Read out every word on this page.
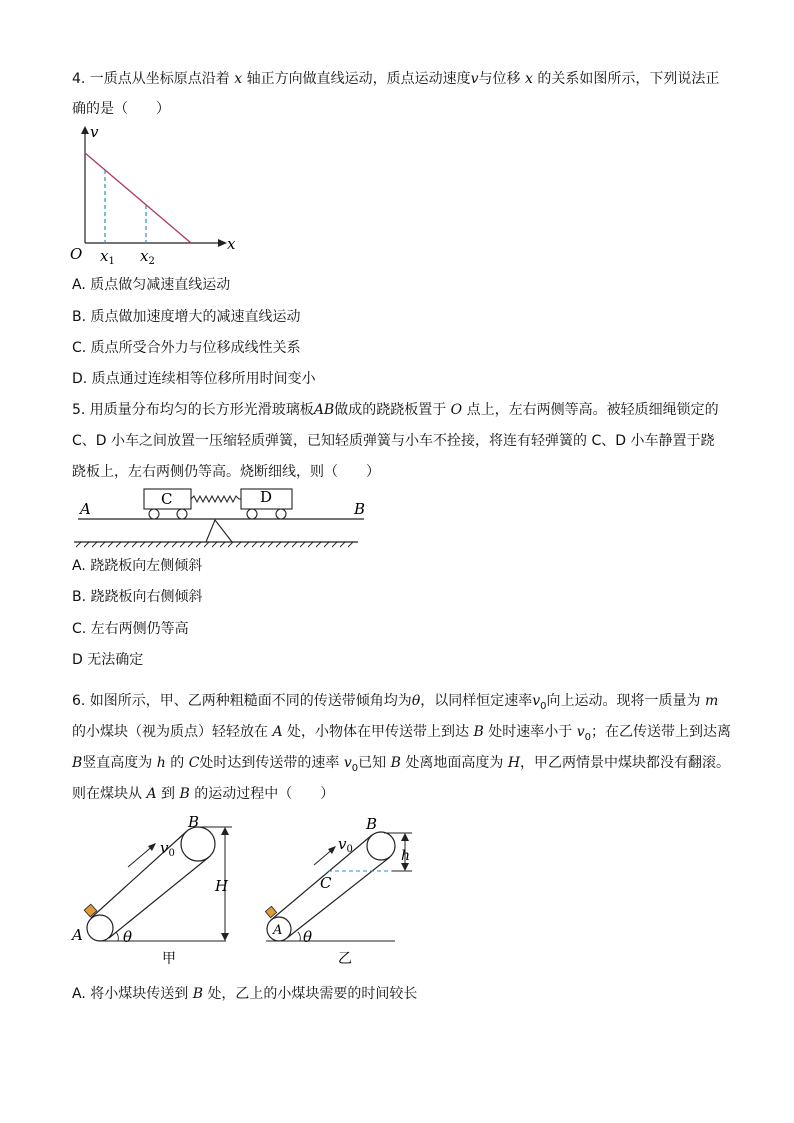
4. 一质点从坐标原点沿着 x 轴正方向做直线运动，质点运动速度v与位移 x 的关系如图所示，下列说法正
确的是（　　）
v
x
O $x_1$ $x_2$
A. 质点做匀减速直线运动
B. 质点做加速度增大的减速直线运动
C. 质点所受合外力与位移成线性关系
D. 质点通过连续相等位移所用时间变小
5. 用质量分布均匀的长方形光滑玻璃板AB做成的跷跷板置于 O 点上，左右两侧等高。被轻质细绳锁定的
C、D 小车之间放置一压缩轻质弹簧，已知轻质弹簧与小车不拴接，将连有轻弹簧的 C、D 小车静置于跷
跷板上，左右两侧仍等高。烧断细线，则（　　）
A	B
C	D
A. 跷跷板向左侧倾斜
B. 跷跷板向右侧倾斜
C. 左右两侧仍等高
D 无法确定
6. 如图所示，甲、乙两种粗糙面不同的传送带倾角均为θ，以同样恒定速率$v_0$向上运动。现将一质量为 m
的小煤块（视为质点）轻轻放在 A 处，小物体在甲传送带上到达 B 处时速率小于 $v_0$；在乙传送带上到达离
B竖直高度为 h 的 C处时达到传送带的速率 $v_0$已知 B 处离地面高度为 H，甲乙两情景中煤块都没有翻滚。
则在煤块从 A 到 B 的运动过程中（　　）
B
$v_0$
H
A	θ
甲
B
$v_0$	h
C
A θ
乙
A. 将小煤块传送到 B 处，乙上的小煤块需要的时间较长
